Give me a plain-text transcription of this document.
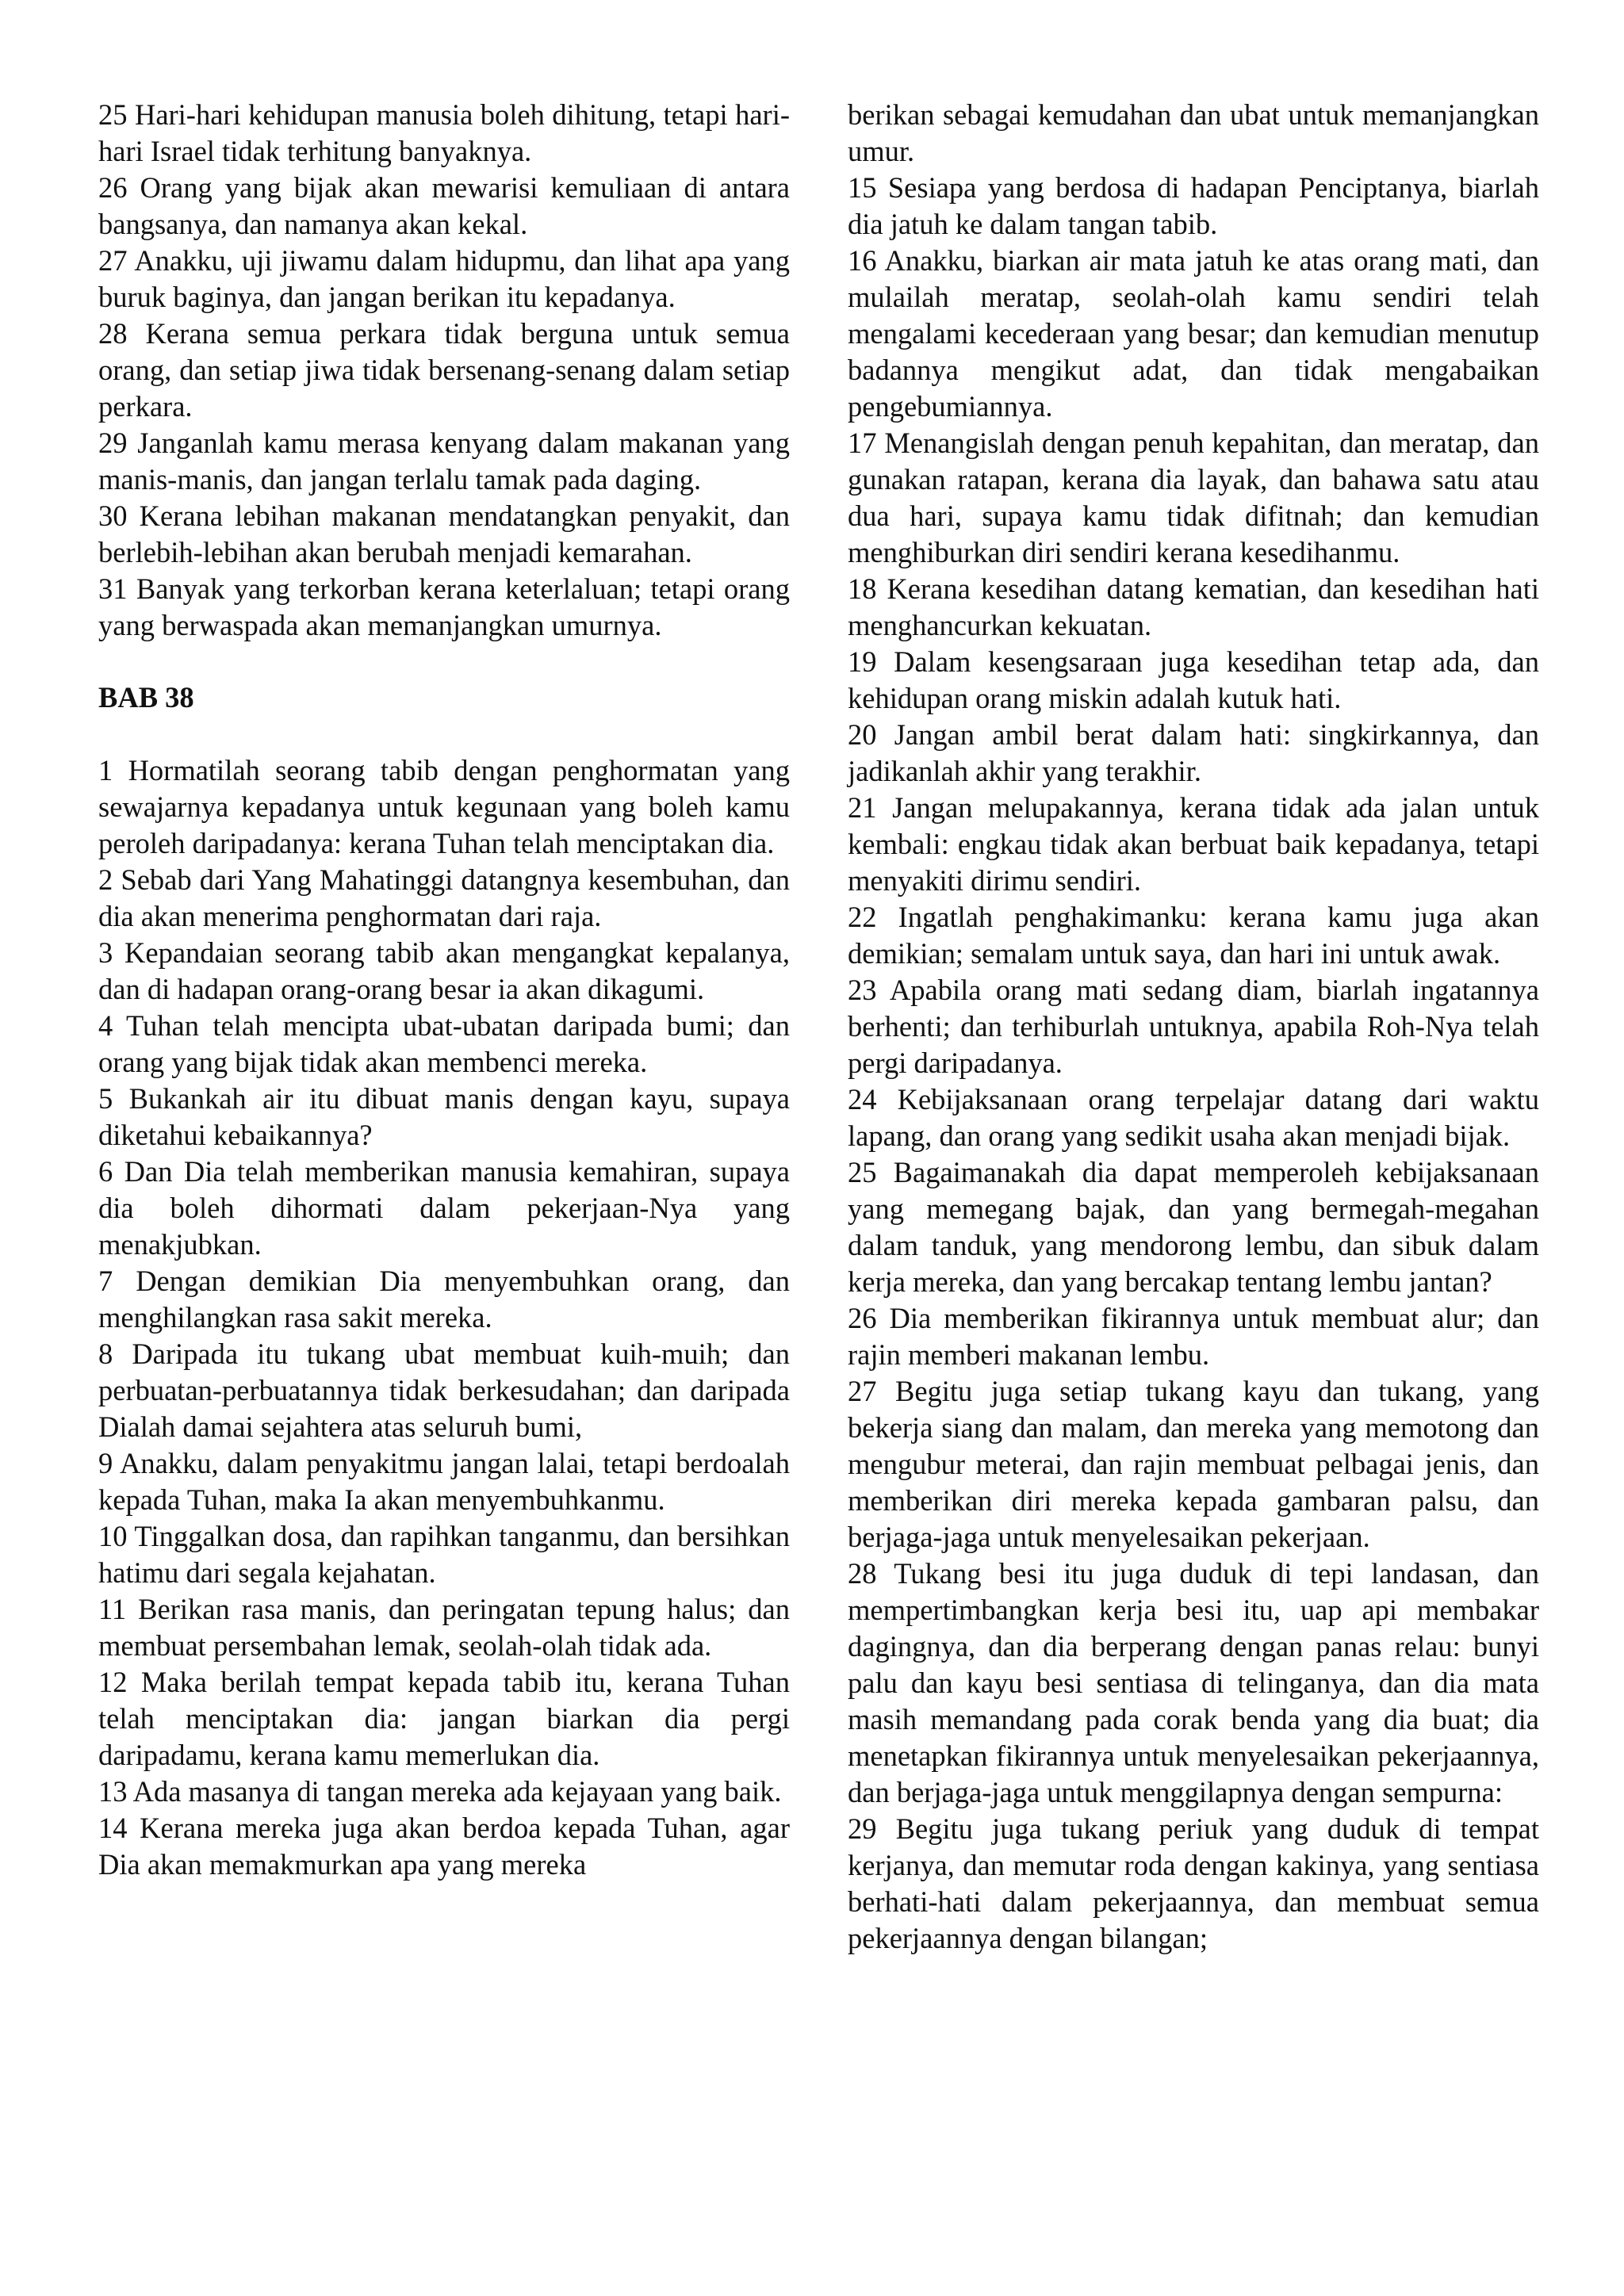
25 Hari-hari kehidupan manusia boleh dihitung, tetapi hari-hari Israel tidak terhitung banyaknya.

26 Orang yang bijak akan mewarisi kemuliaan di antara bangsanya, dan namanya akan kekal.

27 Anakku, uji jiwamu dalam hidupmu, dan lihat apa yang buruk baginya, dan jangan berikan itu kepadanya.

28 Kerana semua perkara tidak berguna untuk semua orang, dan setiap jiwa tidak bersenang-senang dalam setiap perkara.

29 Janganlah kamu merasa kenyang dalam makanan yang manis-manis, dan jangan terlalu tamak pada daging.

30 Kerana lebihan makanan mendatangkan penyakit, dan berlebih-lebihan akan berubah menjadi kemarahan.

31 Banyak yang terkorban kerana keterlaluan; tetapi orang yang berwaspada akan memanjangkan umurnya.

BAB 38

1 Hormatilah seorang tabib dengan penghormatan yang sewajarnya kepadanya untuk kegunaan yang boleh kamu peroleh daripadanya: kerana Tuhan telah menciptakan dia.

2 Sebab dari Yang Mahatinggi datangnya kesembuhan, dan dia akan menerima penghormatan dari raja.

3 Kepandaian seorang tabib akan mengangkat kepalanya, dan di hadapan orang-orang besar ia akan dikagumi.

4 Tuhan telah mencipta ubat-ubatan daripada bumi; dan orang yang bijak tidak akan membenci mereka.

5 Bukankah air itu dibuat manis dengan kayu, supaya diketahui kebaikannya?

6 Dan Dia telah memberikan manusia kemahiran, supaya dia boleh dihormati dalam pekerjaan-Nya yang menakjubkan.

7 Dengan demikian Dia menyembuhkan orang, dan menghilangkan rasa sakit mereka.

8 Daripada itu tukang ubat membuat kuih-muih; dan perbuatan-perbuatannya tidak berkesudahan; dan daripada Dialah damai sejahtera atas seluruh bumi,

9 Anakku, dalam penyakitmu jangan lalai, tetapi berdoalah kepada Tuhan, maka Ia akan menyembuhkanmu.

10 Tinggalkan dosa, dan rapihkan tanganmu, dan bersihkan hatimu dari segala kejahatan.

11 Berikan rasa manis, dan peringatan tepung halus; dan membuat persembahan lemak, seolah-olah tidak ada.

12 Maka berilah tempat kepada tabib itu, kerana Tuhan telah menciptakan dia: jangan biarkan dia pergi daripadamu, kerana kamu memerlukan dia.

13 Ada masanya di tangan mereka ada kejayaan yang baik.

14 Kerana mereka juga akan berdoa kepada Tuhan, agar Dia akan memakmurkan apa yang mereka

berikan sebagai kemudahan dan ubat untuk memanjangkan umur.

15 Sesiapa yang berdosa di hadapan Penciptanya, biarlah dia jatuh ke dalam tangan tabib.

16 Anakku, biarkan air mata jatuh ke atas orang mati, dan mulailah meratap, seolah-olah kamu sendiri telah mengalami kecederaan yang besar; dan kemudian menutup badannya mengikut adat, dan tidak mengabaikan pengebumiannya.

17 Menangislah dengan penuh kepahitan, dan meratap, dan gunakan ratapan, kerana dia layak, dan bahawa satu atau dua hari, supaya kamu tidak difitnah; dan kemudian menghiburkan diri sendiri kerana kesedihanmu.

18 Kerana kesedihan datang kematian, dan kesedihan hati menghancurkan kekuatan.

19 Dalam kesengsaraan juga kesedihan tetap ada, dan kehidupan orang miskin adalah kutuk hati.

20 Jangan ambil berat dalam hati: singkirkannya, dan jadikanlah akhir yang terakhir.

21 Jangan melupakannya, kerana tidak ada jalan untuk kembali: engkau tidak akan berbuat baik kepadanya, tetapi menyakiti dirimu sendiri.

22 Ingatlah penghakimanku: kerana kamu juga akan demikian; semalam untuk saya, dan hari ini untuk awak.

23 Apabila orang mati sedang diam, biarlah ingatannya berhenti; dan terhiburlah untuknya, apabila Roh-Nya telah pergi daripadanya.

24 Kebijaksanaan orang terpelajar datang dari waktu lapang, dan orang yang sedikit usaha akan menjadi bijak.

25 Bagaimanakah dia dapat memperoleh kebijaksanaan yang memegang bajak, dan yang bermegah-megahan dalam tanduk, yang mendorong lembu, dan sibuk dalam kerja mereka, dan yang bercakap tentang lembu jantan?

26 Dia memberikan fikirannya untuk membuat alur; dan rajin memberi makanan lembu.

27 Begitu juga setiap tukang kayu dan tukang, yang bekerja siang dan malam, dan mereka yang memotong dan mengubur meterai, dan rajin membuat pelbagai jenis, dan memberikan diri mereka kepada gambaran palsu, dan berjaga-jaga untuk menyelesaikan pekerjaan.

28 Tukang besi itu juga duduk di tepi landasan, dan mempertimbangkan kerja besi itu, uap api membakar dagingnya, dan dia berperang dengan panas relau: bunyi palu dan kayu besi sentiasa di telinganya, dan dia mata masih memandang pada corak benda yang dia buat; dia menetapkan fikirannya untuk menyelesaikan pekerjaannya, dan berjaga-jaga untuk menggilapnya dengan sempurna:

29 Begitu juga tukang periuk yang duduk di tempat kerjanya, dan memutar roda dengan kakinya, yang sentiasa berhati-hati dalam pekerjaannya, dan membuat semua pekerjaannya dengan bilangan;
